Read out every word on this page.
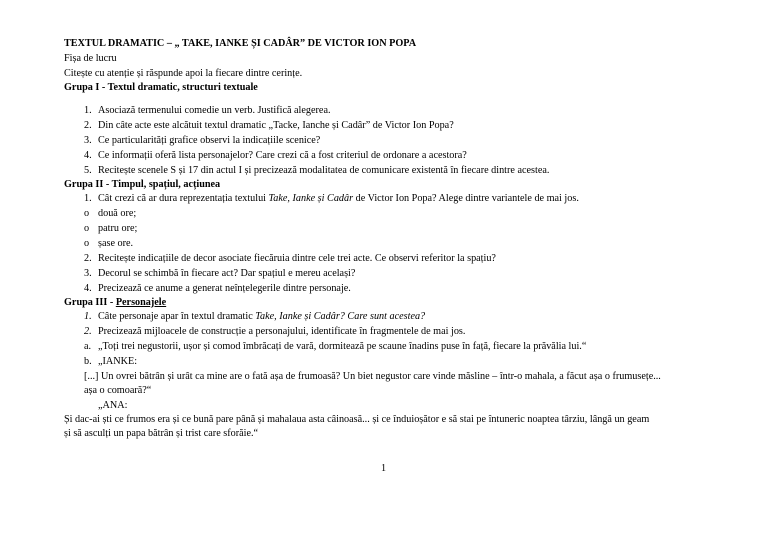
TEXTUL DRAMATIC – „ TAKE, IANKE ȘI CADÂR” DE VICTOR ION POPA
Fișa de lucru
Citește cu atenție și răspunde apoi la fiecare dintre cerințe.
Grupa I - Textul dramatic, structuri textuale
1. Asociază termenului comedie un verb. Justifică alegerea.
2. Din câte acte este alcătuit textul dramatic „Tacke, Ianche și Cadâr” de Victor Ion Popa?
3. Ce particularități grafice observi la indicațiile scenice?
4. Ce informații oferă lista personajelor? Care crezi că a fost criteriul de ordonare a acestora?
5. Recitește scenele S și 17 din actul I și precizează modalitatea de comunicare existentă în fiecare dintre acestea.
Grupa II - Timpul, spațiul, acțiunea
1. Cât crezi că ar dura reprezentația textului Take, Ianke și Cadâr de Victor Ion Popa? Alege dintre variantele de mai jos.
o două ore;
o patru ore;
o șase ore.
2. Recitește indicațiile de decor asociate fiecăruia dintre cele trei acte. Ce observi referitor la spațiu?
3. Decorul se schimbă în fiecare act? Dar spațiul e mereu același?
4. Precizează ce anume a generat neînțelegerile dintre personaje.
Grupa III - Personajele
1. Câte personaje apar în textul dramatic Take, Ianke și Cadâr? Care sunt acestea?
2. Precizează mijloacele de construcție a personajului, identificate în fragmentele de mai jos.
a. „Toți trei negustorii, ușor și comod îmbrăcați de vară, dormitează pe scaune înadins puse în față, fiecare la prăvălia lui.“
b. „IANKE:
[...] Un ovrei bătrân și urât ca mine are o fată așa de frumoasă? Un biet negustor care vinde măsline – într-o mahala, a făcut așa o frumusețe...
așa o comoară?“
„ANA:
Și dac-ai ști ce frumos era și ce bună pare până și mahalaua asta câinoasă... și ce înduioșător e să stai pe întuneric noaptea târziu, lângă un geam
și să asculți un papa bătrân și trist care sforăie.“
1
